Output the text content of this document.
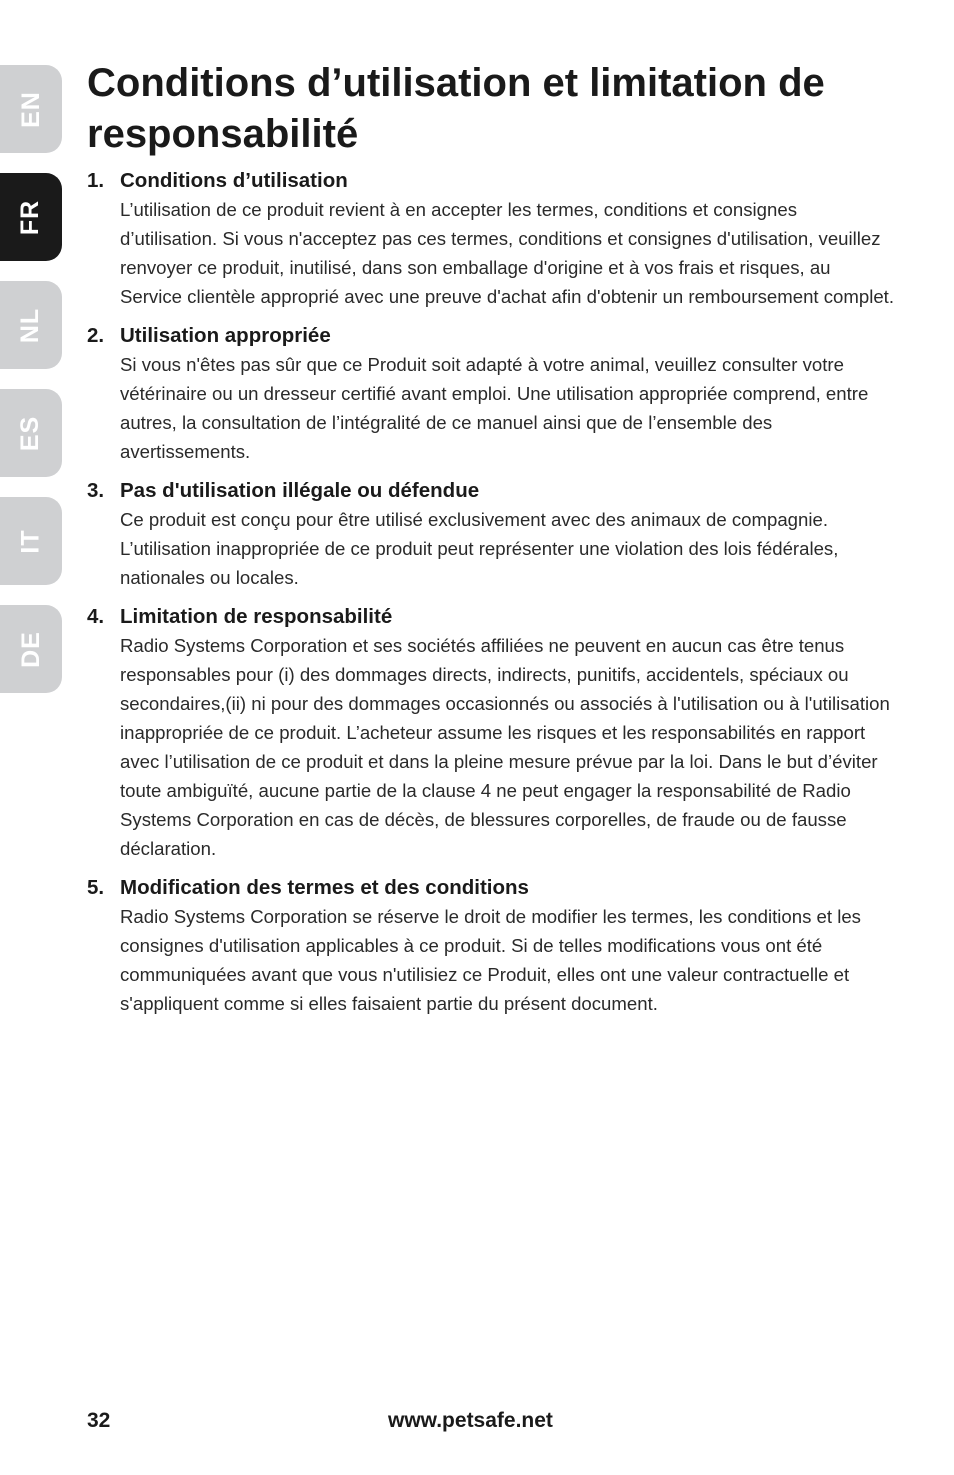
EN
FR
NL
ES
IT
DE
Conditions d’utilisation et limitation de responsabilité
1. Conditions d’utilisation

L’utilisation de ce produit revient à en accepter les termes, conditions et consignes d’utilisation. Si vous n'acceptez pas ces termes, conditions et consignes d'utilisation, veuillez renvoyer ce produit, inutilisé, dans son emballage d'origine et à vos frais et risques, au Service clientèle approprié avec une preuve d'achat afin d'obtenir un remboursement complet.

2. Utilisation appropriée

Si vous n'êtes pas sûr que ce Produit soit adapté à votre animal, veuillez consulter votre vétérinaire ou un dresseur certifié avant emploi. Une utilisation appropriée comprend, entre autres, la consultation de l’intégralité de ce manuel ainsi que de l’ensemble des avertissements.

3. Pas d'utilisation illégale ou défendue

Ce produit est conçu pour être utilisé exclusivement avec des animaux de compagnie. L’utilisation inappropriée de ce produit peut représenter une violation des lois fédérales, nationales ou locales.

4. Limitation de responsabilité

Radio Systems Corporation et ses sociétés affiliées ne peuvent en aucun cas être tenus responsables pour (i) des dommages directs, indirects, punitifs, accidentels, spéciaux ou secondaires,(ii) ni pour des dommages occasionnés ou associés à l'utilisation ou à l'utilisation inappropriée de ce produit. L’acheteur assume les risques et les responsabilités en rapport avec l’utilisation de ce produit et dans la pleine mesure prévue par la loi. Dans le but d’éviter toute ambiguïté, aucune partie de la clause 4 ne peut engager la responsabilité de Radio Systems Corporation en cas de décès, de blessures corporelles, de fraude ou de fausse déclaration.

5. Modification des termes et des conditions

Radio Systems Corporation se réserve le droit de modifier les termes, les conditions et les consignes d'utilisation applicables à ce produit. Si de telles modifications vous ont été communiquées avant que vous n'utilisiez ce Produit, elles ont une valeur contractuelle et s'appliquent comme si elles faisaient partie du présent document.

32	www.petsafe.net
